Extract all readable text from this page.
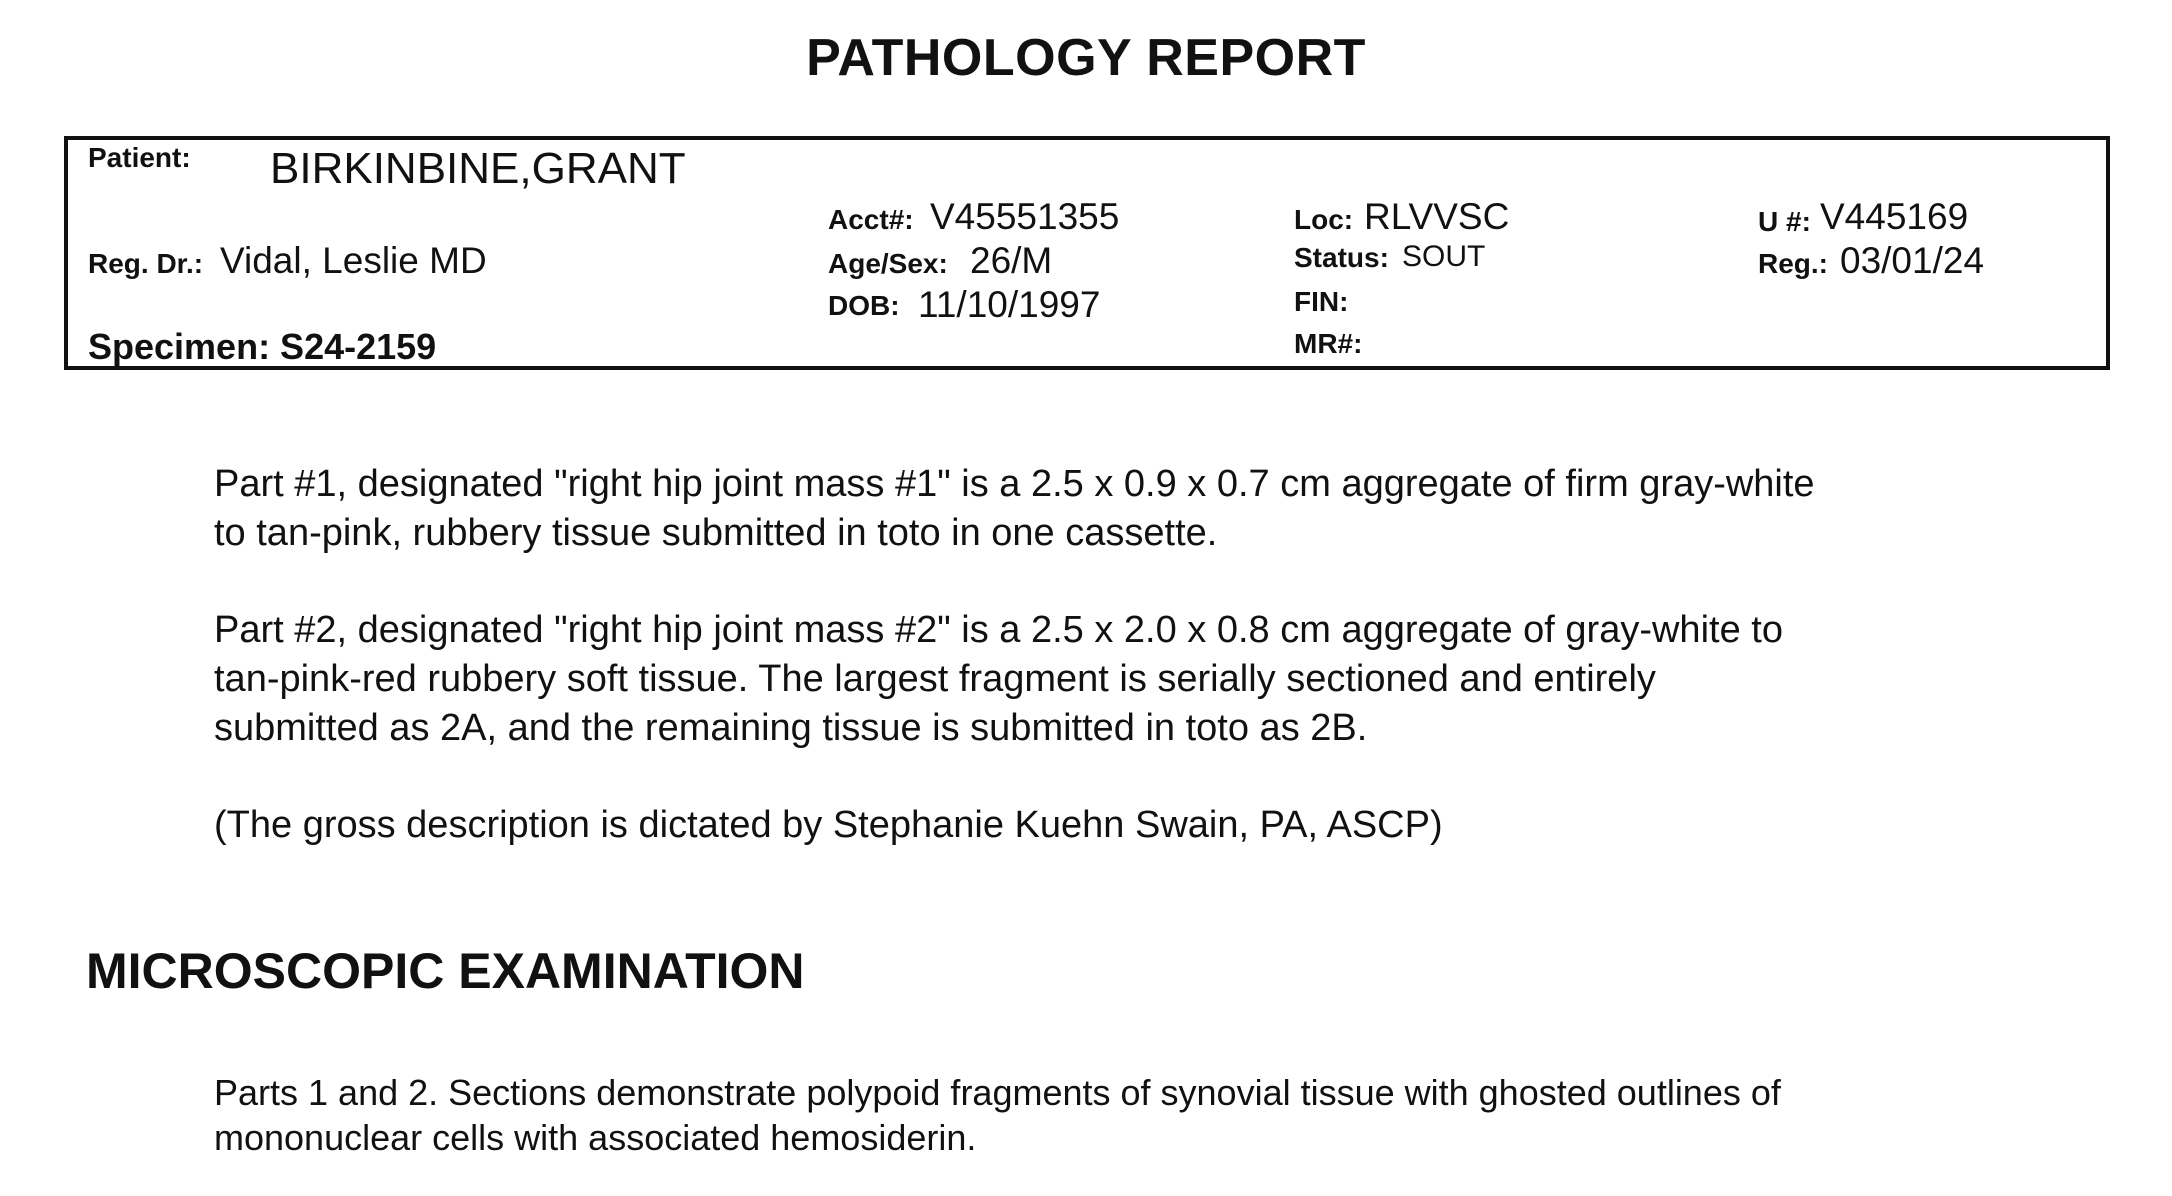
PATHOLOGY REPORT
Patient: BIRKINBINE,GRANT
Acct#: V45551355	Loc: RLVVSC	U #: V445169
Reg. Dr.: Vidal, Leslie MD	Age/Sex: 26/M	Status: SOUT	Reg.: 03/01/24
DOB: 11/10/1997	FIN:
Specimen: S24-2159	MR#:
Part #1, designated "right hip joint mass #1" is a 2.5 x 0.9 x 0.7 cm aggregate of firm gray-white
to tan-pink, rubbery tissue submitted in toto in one cassette.
Part #2, designated "right hip joint mass #2" is a 2.5 x 2.0 x 0.8 cm aggregate of gray-white to
tan-pink-red rubbery soft tissue. The largest fragment is serially sectioned and entirely
submitted as 2A, and the remaining tissue is submitted in toto as 2B.
(The gross description is dictated by Stephanie Kuehn Swain, PA, ASCP)
MICROSCOPIC EXAMINATION
Parts 1 and 2. Sections demonstrate polypoid fragments of synovial tissue with ghosted outlines of
mononuclear cells with associated hemosiderin.
